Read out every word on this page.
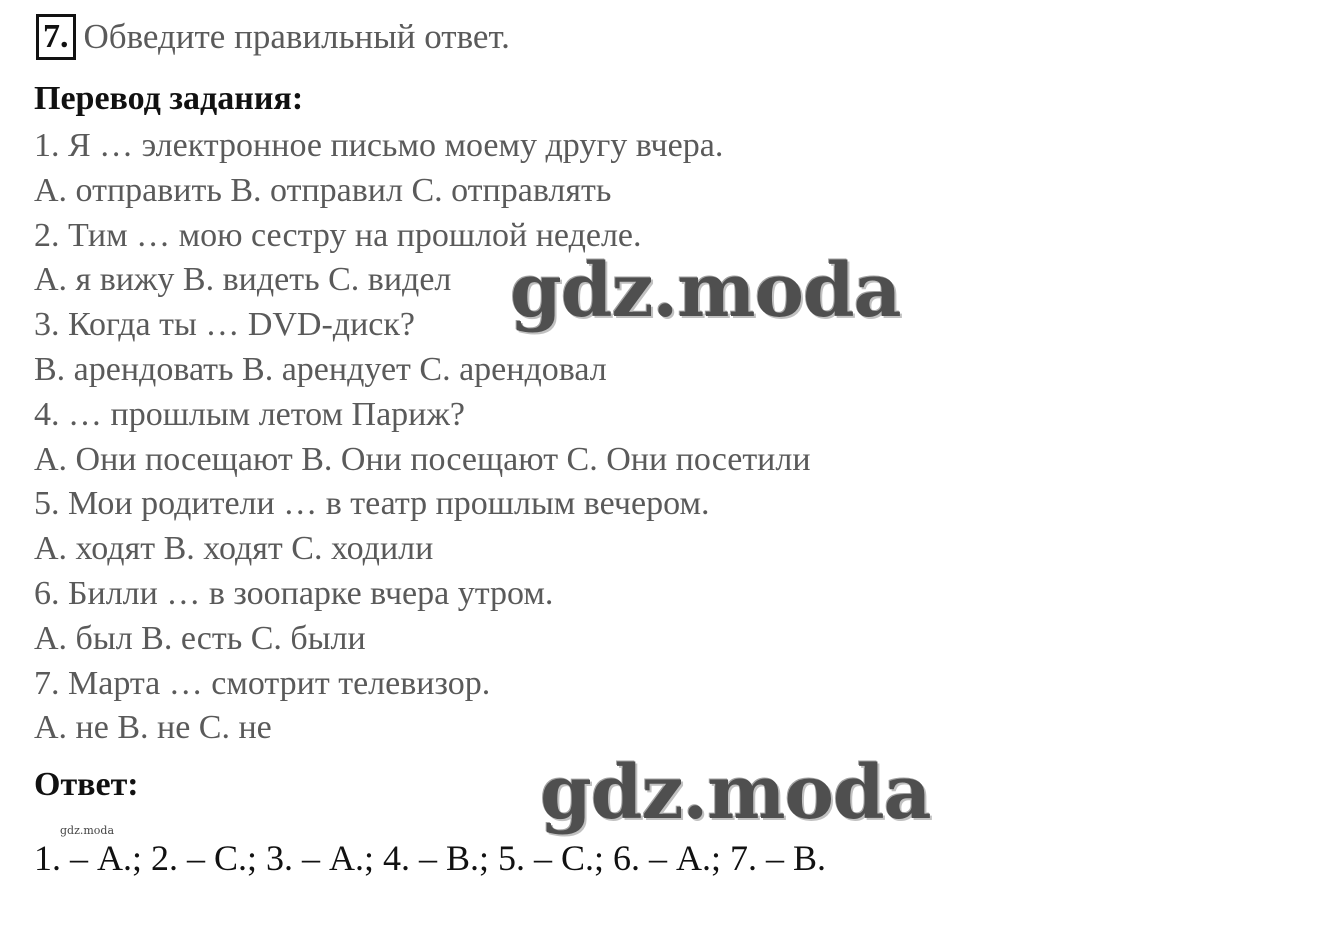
7. Обведите правильный ответ.
Перевод задания:
1. Я … электронное письмо моему другу вчера.
А. отправить В. отправил С. отправлять
2. Тим … мою сестру на прошлой неделе.
А. я вижу В. видеть С. видел
3. Когда ты … DVD-диск?
В. арендовать В. арендует С. арендовал
4. … прошлым летом Париж?
А. Они посещают В. Они посещают С. Они посетили
5. Мои родители … в театр прошлым вечером.
А. ходят В. ходят С. ходили
6. Билли … в зоопарке вчера утром.
А. был В. есть С. были
7. Марта … смотрит телевизор.
А. не В. не С. не
gdz.moda
Ответ:	gdz.moda
gdz.moda
1. – А.; 2. – С.; 3. – А.; 4. – В.; 5. – С.; 6. – А.; 7. – В.
